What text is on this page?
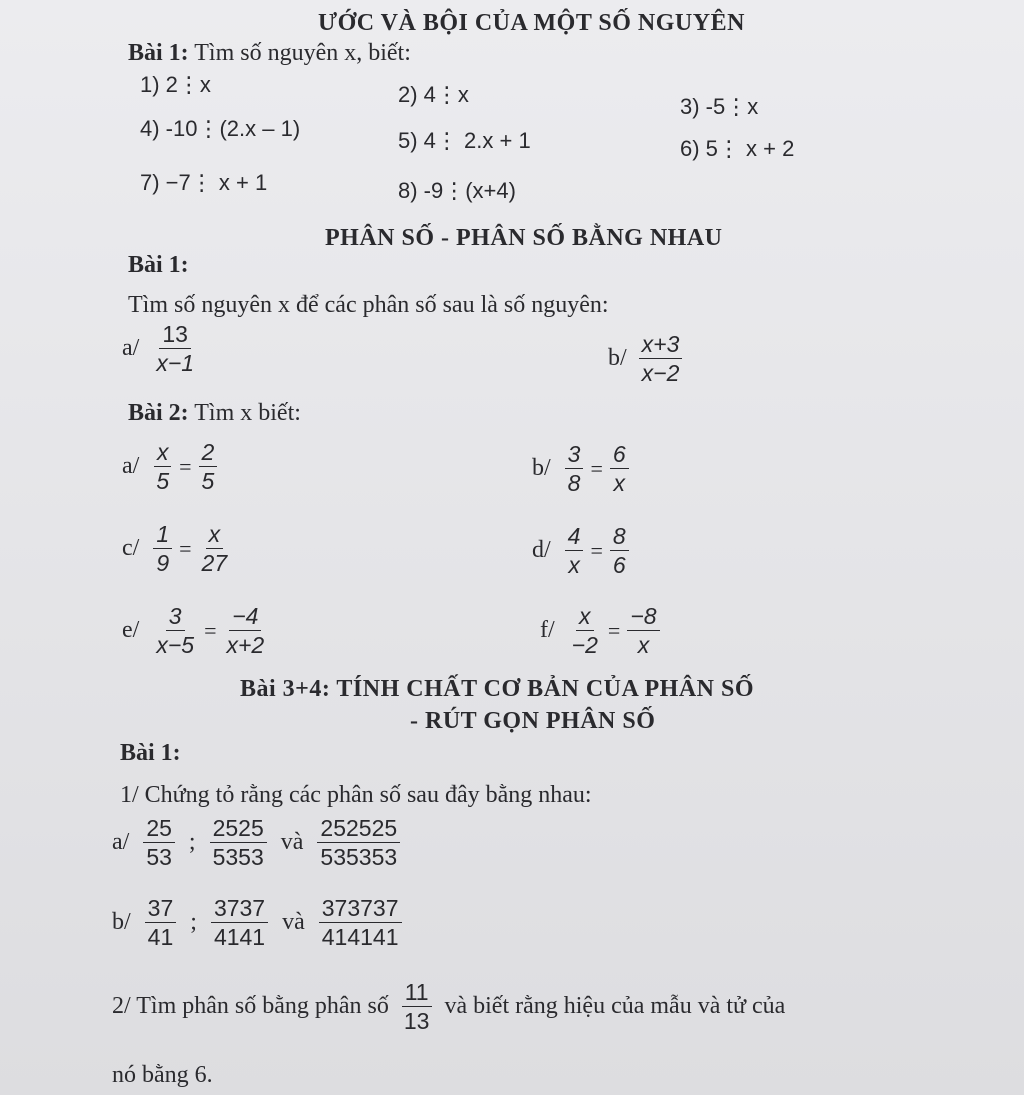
ƯỚC VÀ BỘI CỦA MỘT SỐ NGUYÊN
Bài 1: Tìm số nguyên x, biết:
1) 2⋮x	2) 4⋮x	3) -5⋮x
4) -10⋮(2.x – 1)	5) 4⋮ 2.x + 1	6) 5⋮ x + 2
7) −7⋮ x + 1	8) -9⋮(x+4)
PHÂN SỐ - PHÂN SỐ BẰNG NHAU
Bài 1:
Tìm số nguyên x để các phân số sau là số nguyên:
$a/ \frac{13}{x-1}$	$b/ \frac{x+3}{x-2}$
Bài 2: Tìm x biết:
$a/ \frac{x}{5} = \frac{2}{5}$	$b/ \frac{3}{8} = \frac{6}{x}$
$c/ \frac{1}{9} = \frac{x}{27}$	$d/ \frac{4}{x} = \frac{8}{6}$
$e/ \frac{3}{x-5} = \frac{-4}{x+2}$	$f/ \frac{x}{-2} = \frac{-8}{x}$
Bài 3+4: TÍNH CHẤT CƠ BẢN CỦA PHÂN SỐ
- RÚT GỌN PHÂN SỐ
Bài 1:
1/ Chứng tỏ rằng các phân số sau đây bằng nhau:
$a/ \frac{25}{53}$ ; $\frac{2525}{5353}$ và $\frac{252525}{535353}$
$b/ \frac{37}{41}$ ; $\frac{3737}{4141}$ và $\frac{373737}{414141}$
2/ Tìm phân số bằng phân số $\frac{11}{13}$ và biết rằng hiệu của mẫu và tử của
nó bằng 6.
